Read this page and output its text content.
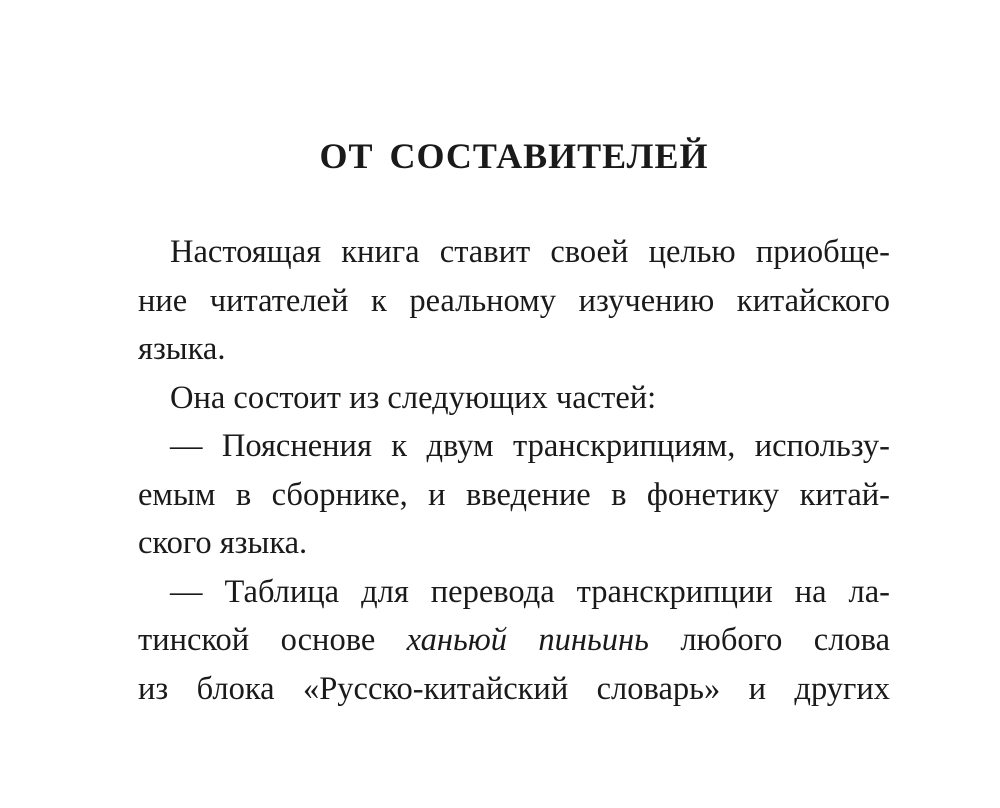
ОТ СОСТАВИТЕЛЕЙ
Настоящая книга ставит своей целью приобще-
ние читателей к реальному изучению китайского
языка.
Она состоит из следующих частей:
— Пояснения к двум транскрипциям, использу-
емым в сборнике, и введение в фонетику китай-
ского языка.
— Таблица для перевода транскрипции на ла-
тинской основе ханьюй пиньинь любого слова
из блока «Русско-китайский словарь» и других
